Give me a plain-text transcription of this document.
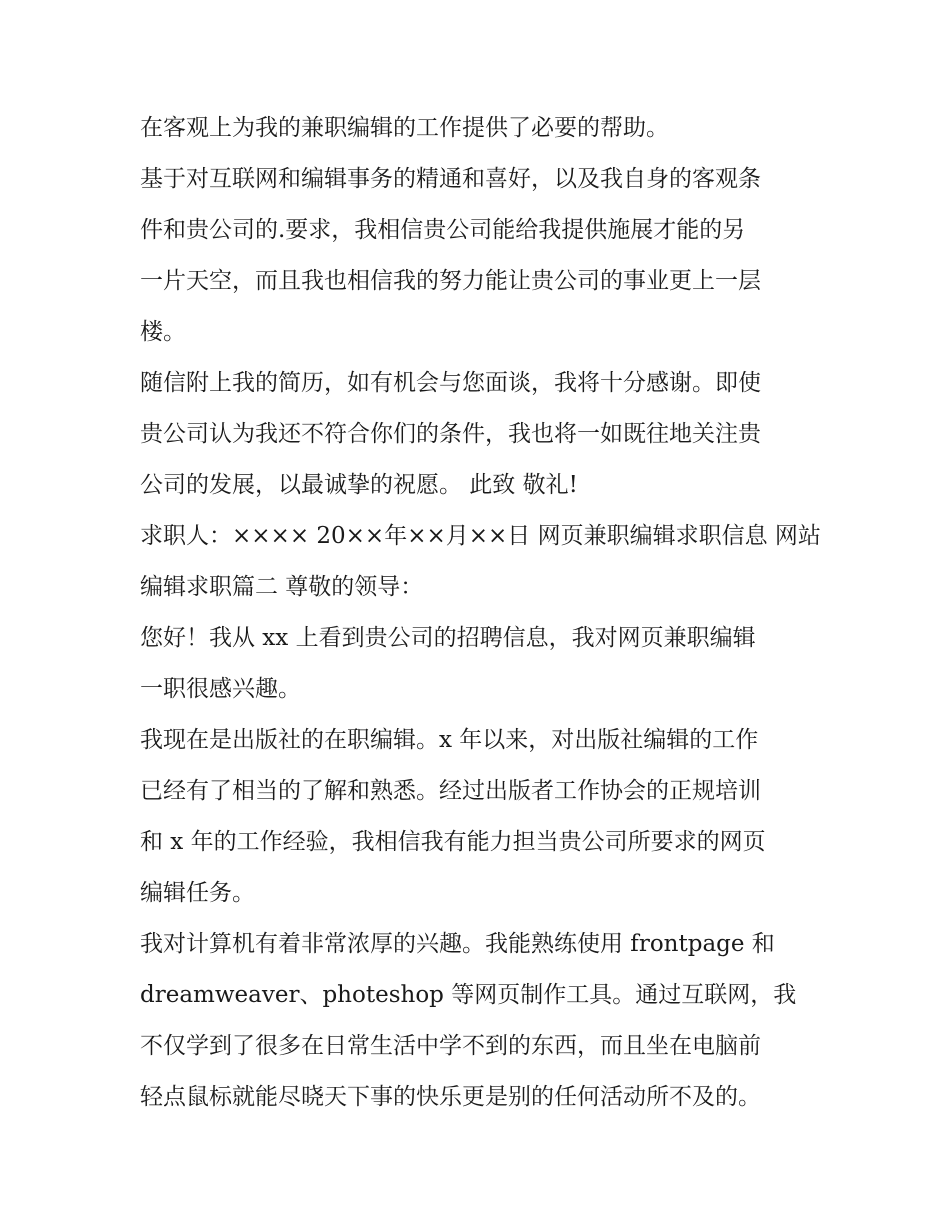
在客观上为我的兼职编辑的工作提供了必要的帮助。

基于对互联网和编辑事务的精通和喜好，以及我自身的客观条
件和贵公司的.要求，我相信贵公司能给我提供施展才能的另
一片天空，而且我也相信我的努力能让贵公司的事业更上一层
楼。

随信附上我的简历，如有机会与您面谈，我将十分感谢。即使
贵公司认为我还不符合你们的条件，我也将一如既往地关注贵
公司的发展，以最诚挚的祝愿。 此致 敬礼!

求职人：×××× 20××年××月××日 网页兼职编辑求职信息 网站
编辑求职篇二 尊敬的领导：

您好！我从 xx 上看到贵公司的招聘信息，我对网页兼职编辑
一职很感兴趣。

我现在是出版社的在职编辑。x 年以来，对出版社编辑的工作
已经有了相当的了解和熟悉。经过出版者工作协会的正规培训
和 x 年的工作经验，我相信我有能力担当贵公司所要求的网页
编辑任务。

我对计算机有着非常浓厚的兴趣。我能熟练使用 frontpage 和
dreamweaver、photeshop 等网页制作工具。通过互联网，我
不仅学到了很多在日常生活中学不到的东西，而且坐在电脑前
轻点鼠标就能尽晓天下事的快乐更是别的任何活动所不及的。
